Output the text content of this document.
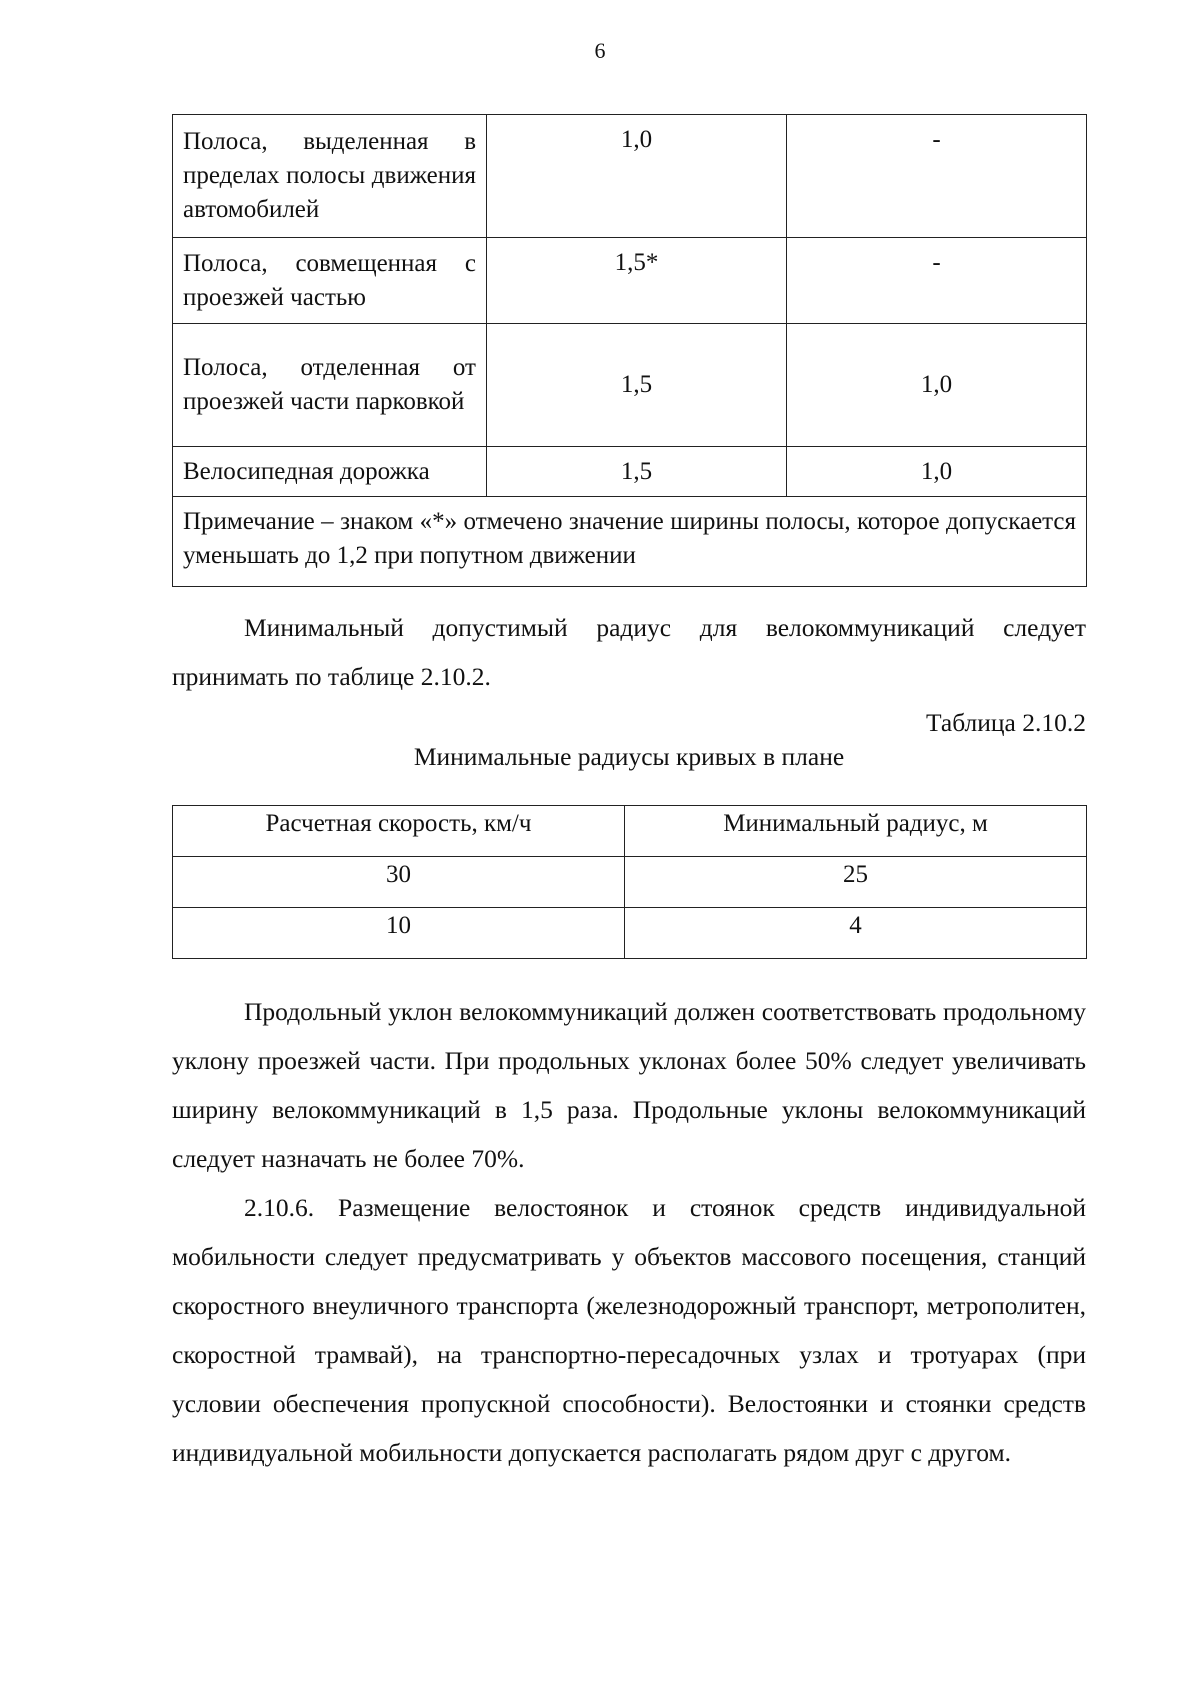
6
Полоса, выделенная в пределах полосы движения автомобилей	1,0	-
Полоса, совмещенная с проезжей частью	1,5*	-
Полоса, отделенная от проезжей части парковкой	1,5	1,0
Велосипедная дорожка	1,5	1,0
Примечание – знаком «*» отмечено значение ширины полосы, которое допускается уменьшать до 1,2 при попутном движении		

Минимальный допустимый радиус для велокоммуникаций следует принимать по таблице 2.10.2.

Таблица 2.10.2
Минимальные радиусы кривых в плане
Расчетная скорость, км/ч	Минимальный радиус, м
30	25
10	4

Продольный уклон велокоммуникаций должен соответствовать продольному уклону проезжей части. При продольных уклонах более 50% следует увеличивать ширину велокоммуникаций в 1,5 раза. Продольные уклоны велокоммуникаций следует назначать не более 70%.

2.10.6. Размещение велостоянок и стоянок средств индивидуальной мобильности следует предусматривать у объектов массового посещения, станций скоростного внеуличного транспорта (железнодорожный транспорт, метрополитен, скоростной трамвай), на транспортно-пересадочных узлах и тротуарах (при условии обеспечения пропускной способности). Велостоянки и стоянки средств индивидуальной мобильности допускается располагать рядом друг с другом.
